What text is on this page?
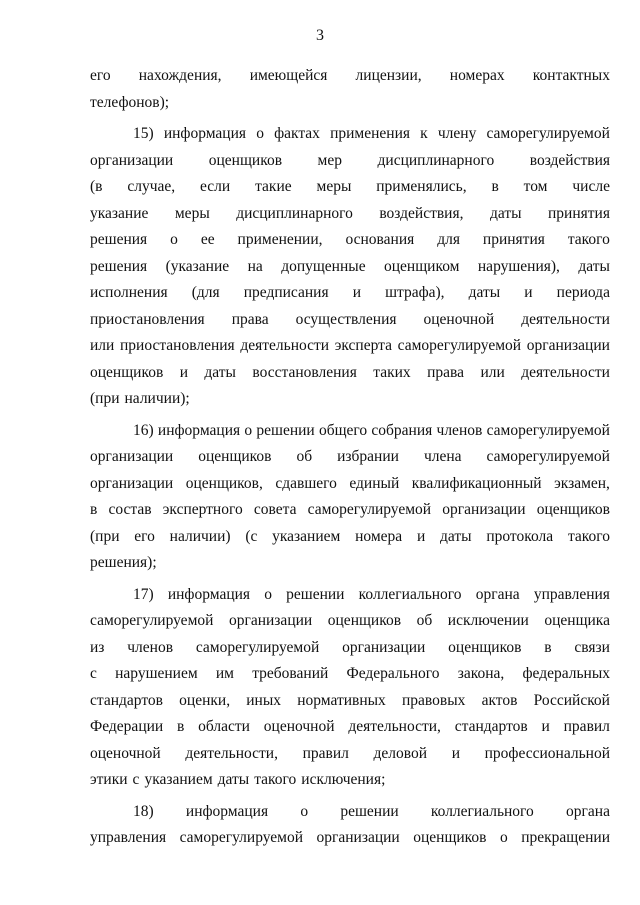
3
его нахождения, имеющейся лицензии, номерах контактных
телефонов);
15) информация о фактах применения к члену саморегулируемой
организации оценщиков мер дисциплинарного воздействия
(в случае, если такие меры применялись, в том числе
указание меры дисциплинарного воздействия, даты принятия
решения о ее применении, основания для принятия такого
решения (указание на допущенные оценщиком нарушения), даты
исполнения (для предписания и штрафа), даты и периода
приостановления права осуществления оценочной деятельности
или приостановления деятельности эксперта саморегулируемой организации
оценщиков и даты восстановления таких права или деятельности
(при наличии);
16) информация о решении общего собрания членов саморегулируемой
организации оценщиков об избрании члена саморегулируемой
организации оценщиков, сдавшего единый квалификационный экзамен,
в состав экспертного совета саморегулируемой организации оценщиков
(при его наличии) (с указанием номера и даты протокола такого
решения);
17) информация о решении коллегиального органа управления
саморегулируемой организации оценщиков об исключении оценщика
из членов саморегулируемой организации оценщиков в связи
с нарушением им требований Федерального закона, федеральных
стандартов оценки, иных нормативных правовых актов Российской
Федерации в области оценочной деятельности, стандартов и правил
оценочной деятельности, правил деловой и профессиональной
этики с указанием даты такого исключения;
18) информация о решении коллегиального органа
управления саморегулируемой организации оценщиков о прекращении
